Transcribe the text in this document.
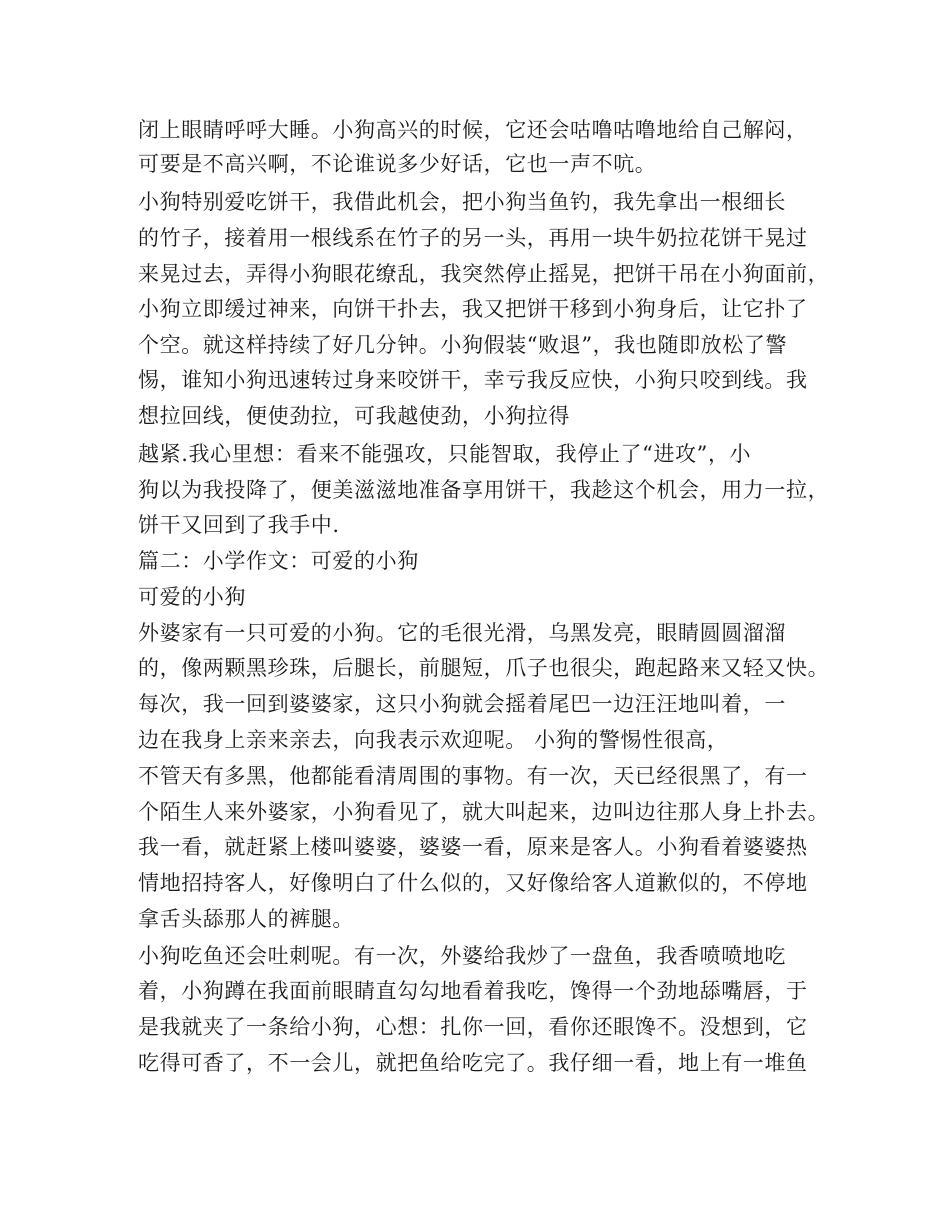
闭上眼睛呼呼大睡。小狗高兴的时候，它还会咕噜咕噜地给自己解闷，
可要是不高兴啊，不论谁说多少好话，它也一声不吭。
小狗特别爱吃饼干，我借此机会，把小狗当鱼钓，我先拿出一根细长
的竹子，接着用一根线系在竹子的另一头，再用一块牛奶拉花饼干晃过
来晃过去，弄得小狗眼花缭乱，我突然停止摇晃，把饼干吊在小狗面前，
小狗立即缓过神来，向饼干扑去，我又把饼干移到小狗身后，让它扑了
个空。就这样持续了好几分钟。小狗假装“败退”，我也随即放松了警
惕，谁知小狗迅速转过身来咬饼干，幸亏我反应快，小狗只咬到线。我
想拉回线，便使劲拉，可我越使劲，小狗拉得
越紧.我心里想：看来不能强攻，只能智取，我停止了“进攻”，小
狗以为我投降了，便美滋滋地准备享用饼干，我趁这个机会，用力一拉，
饼干又回到了我手中.
篇二：小学作文：可爱的小狗
可爱的小狗
外婆家有一只可爱的小狗。它的毛很光滑，乌黑发亮，眼睛圆圆溜溜
的，像两颗黑珍珠，后腿长，前腿短，爪子也很尖，跑起路来又轻又快。
每次，我一回到婆婆家，这只小狗就会摇着尾巴一边汪汪地叫着，一
边在我身上亲来亲去，向我表示欢迎呢。 小狗的警惕性很高，
不管天有多黑，他都能看清周围的事物。有一次，天已经很黑了，有一
个陌生人来外婆家，小狗看见了，就大叫起来，边叫边往那人身上扑去。
我一看，就赶紧上楼叫婆婆，婆婆一看，原来是客人。小狗看着婆婆热
情地招持客人，好像明白了什么似的，又好像给客人道歉似的，不停地
拿舌头舔那人的裤腿。
小狗吃鱼还会吐刺呢。有一次，外婆给我炒了一盘鱼，我香喷喷地吃
着，小狗蹲在我面前眼睛直勾勾地看着我吃，馋得一个劲地舔嘴唇，于
是我就夹了一条给小狗，心想：扎你一回，看你还眼馋不。没想到，它
吃得可香了，不一会儿，就把鱼给吃完了。我仔细一看，地上有一堆鱼
